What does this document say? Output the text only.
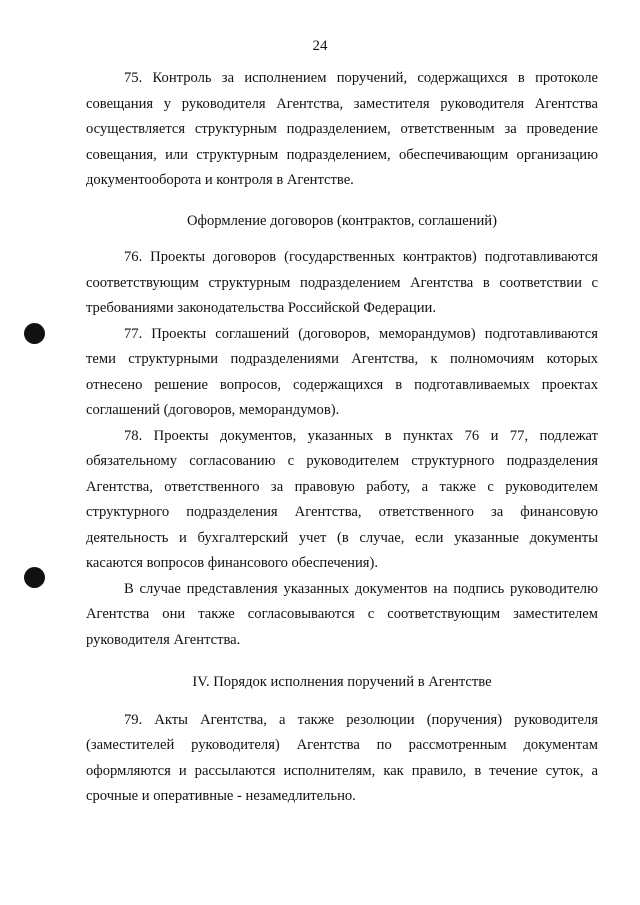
24

75. Контроль за исполнением поручений, содержащихся в протоколе совещания у руководителя Агентства, заместителя руководителя Агентства осуществляется структурным подразделением, ответственным за проведение совещания, или структурным подразделением, обеспечивающим организацию документооборота и контроля в Агентстве.

Оформление договоров (контрактов, соглашений)

76. Проекты договоров (государственных контрактов) подготавливаются соответствующим структурным подразделением Агентства в соответствии с требованиями законодательства Российской Федерации.

77. Проекты соглашений (договоров, меморандумов) подготавливаются теми структурными подразделениями Агентства, к полномочиям которых отнесено решение вопросов, содержащихся в подготавливаемых проектах соглашений (договоров, меморандумов).

78. Проекты документов, указанных в пунктах 76 и 77, подлежат обязательному согласованию с руководителем структурного подразделения Агентства, ответственного за правовую работу, а также с руководителем структурного подразделения Агентства, ответственного за финансовую деятельность и бухгалтерский учет (в случае, если указанные документы касаются вопросов финансового обеспечения).

В случае представления указанных документов на подпись руководителю Агентства они также согласовываются с соответствующим заместителем руководителя Агентства.

IV. Порядок исполнения поручений в Агентстве

79. Акты Агентства, а также резолюции (поручения) руководителя (заместителей руководителя) Агентства по рассмотренным документам оформляются и рассылаются исполнителям, как правило, в течение суток, а срочные и оперативные - незамедлительно.
